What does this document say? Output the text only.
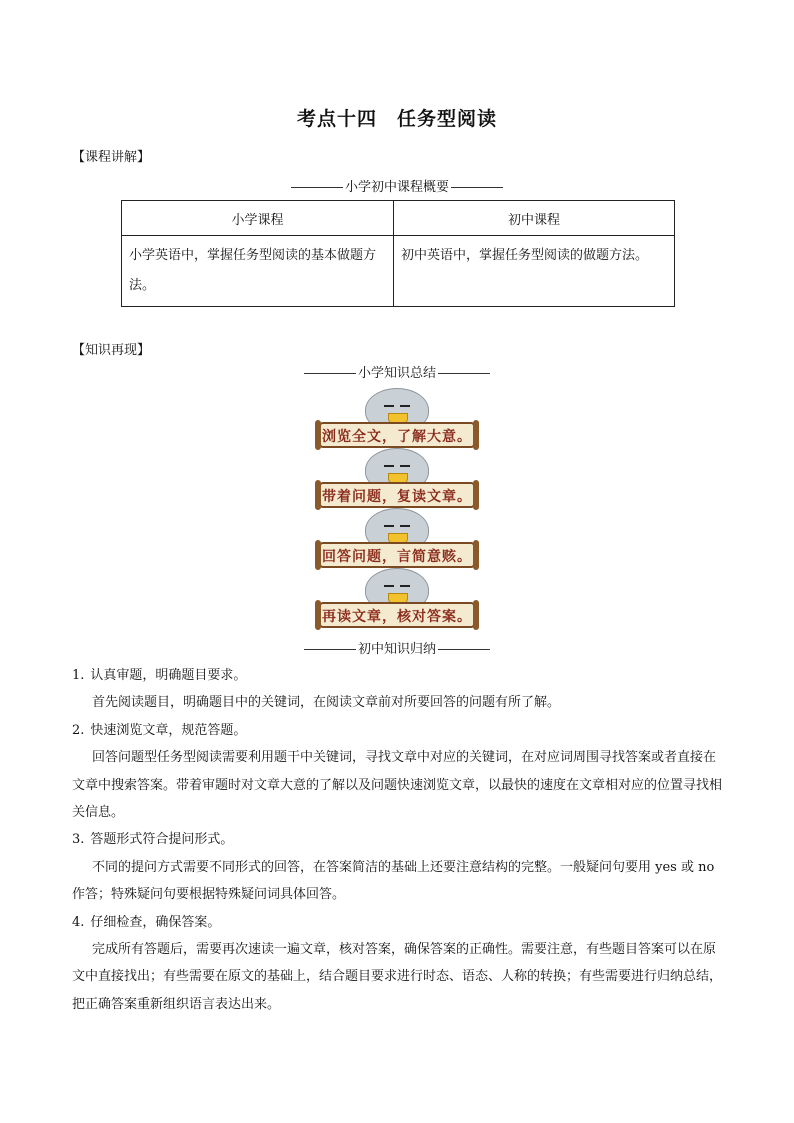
考点十四　任务型阅读
【课程讲解】
小学初中课程概要
小学课程	初中课程
小学英语中，掌握任务型阅读的基本做题方法。	初中英语中，掌握任务型阅读的做题方法。
【知识再现】
小学知识总结
浏览全文，了解大意。
带着问题，复读文章。
回答问题，言简意赅。
再读文章，核对答案。
初中知识归纳

1. 认真审题，明确题目要求。

首先阅读题目，明确题目中的关键词，在阅读文章前对所要回答的问题有所了解。

2. 快速浏览文章，规范答题。

回答问题型任务型阅读需要利用题干中关键词，寻找文章中对应的关键词，在对应词周围寻找答案或者直接在文章中搜索答案。带着审题时对文章大意的了解以及问题快速浏览文章，以最快的速度在文章相对应的位置寻找相关信息。

3. 答题形式符合提问形式。

不同的提问方式需要不同形式的回答，在答案简洁的基础上还要注意结构的完整。一般疑问句要用 yes 或 no 作答；特殊疑问句要根据特殊疑问词具体回答。

4. 仔细检查，确保答案。

完成所有答题后，需要再次速读一遍文章，核对答案，确保答案的正确性。需要注意，有些题目答案可以在原文中直接找出；有些需要在原文的基础上，结合题目要求进行时态、语态、人称的转换；有些需要进行归纳总结，把正确答案重新组织语言表达出来。
